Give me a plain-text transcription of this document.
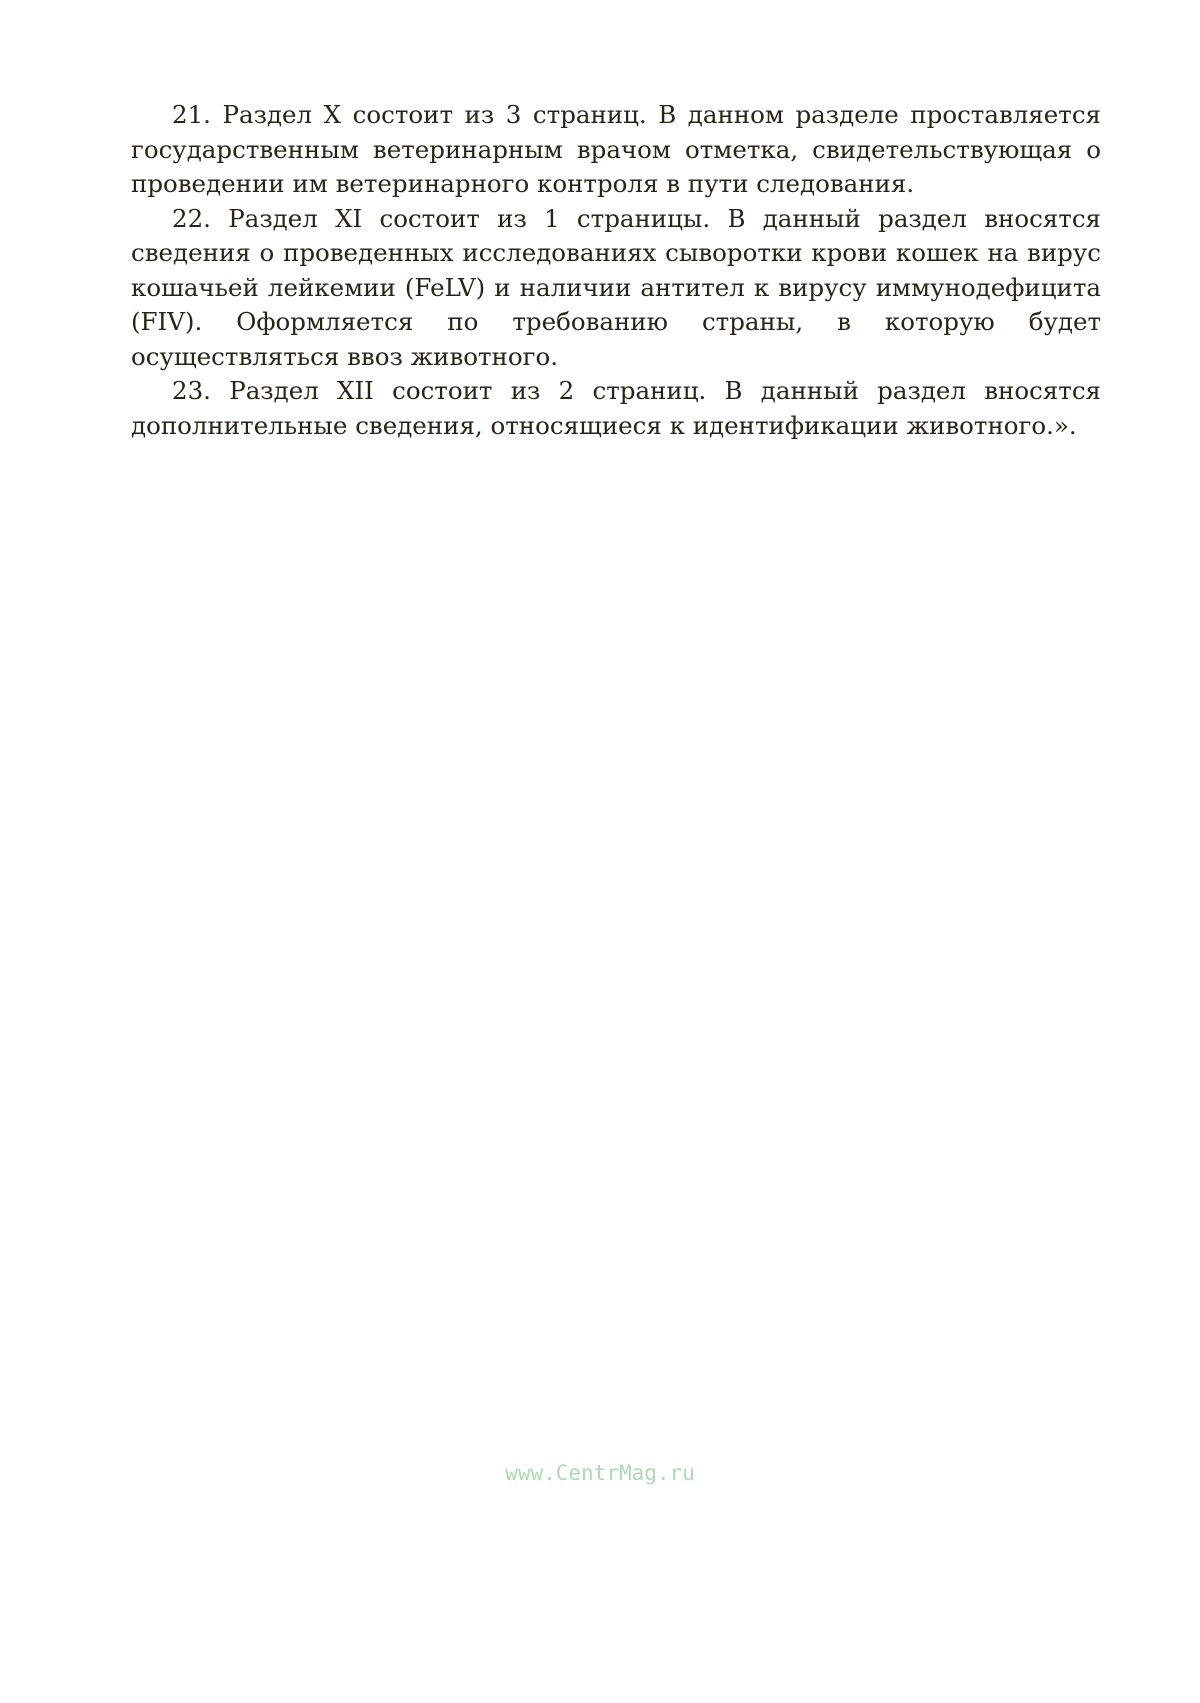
21. Раздел X состоит из 3 страниц. В данном разделе проставляется государственным ветеринарным врачом отметка, свидетельствующая о проведении им ветеринарного контроля в пути следования.

22. Раздел XI состоит из 1 страницы. В данный раздел вносятся сведения о проведенных исследованиях сыворотки крови кошек на вирус кошачьей лейкемии (FeLV) и наличии антител к вирусу иммунодефицита (FIV). Оформляется по требованию страны, в которую будет осуществляться ввоз животного.

23. Раздел XII состоит из 2 страниц. В данный раздел вносятся дополнительные сведения, относящиеся к идентификации животного.».

www.CentrMag.ru
